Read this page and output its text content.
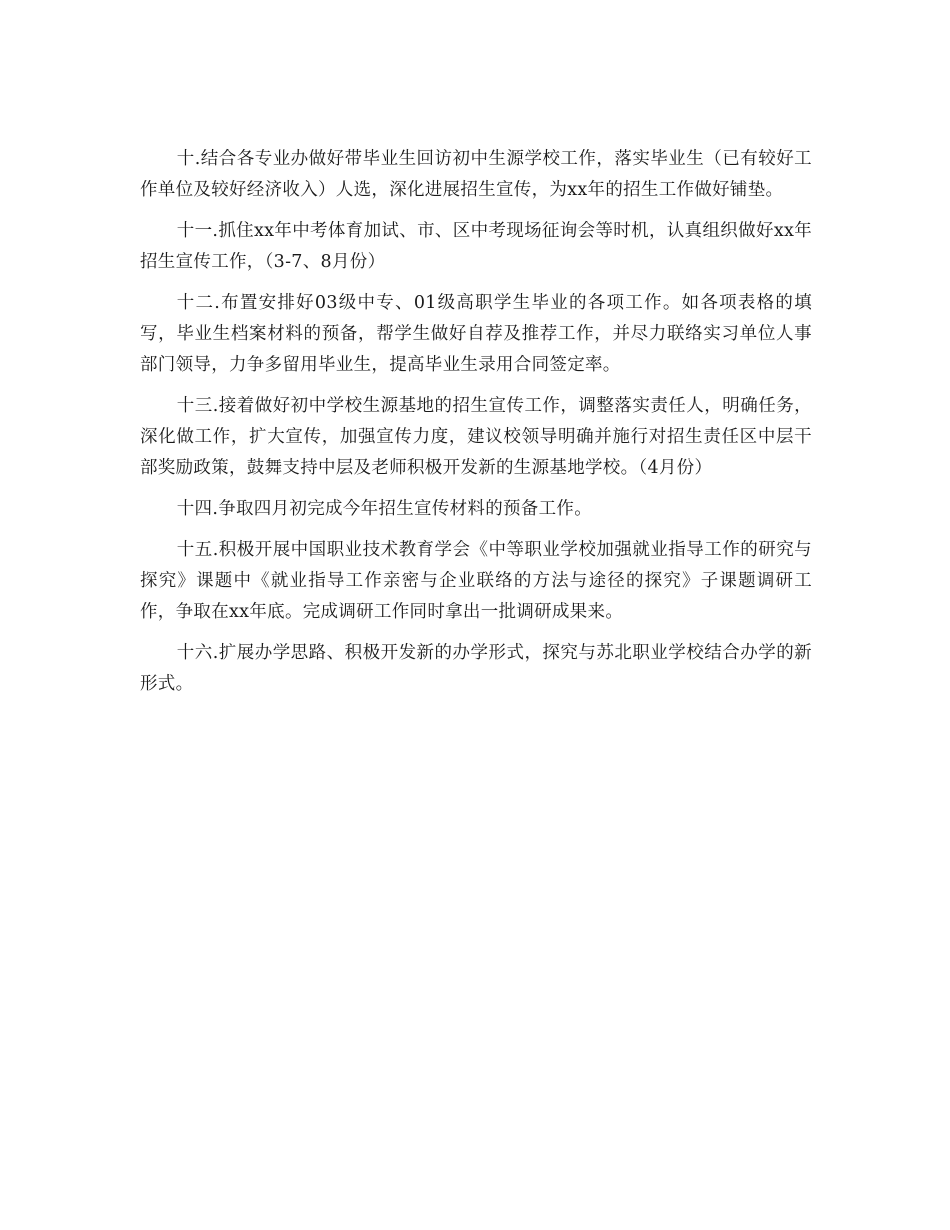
十.结合各专业办做好带毕业生回访初中生源学校工作，落实毕业生（已有较好工作单位及较好经济收入）人选，深化进展招生宣传，为xx年的招生工作做好铺垫。

十一.抓住xx年中考体育加试、市、区中考现场征询会等时机，认真组织做好xx年招生宣传工作，（3-7、8月份）

十二.布置安排好03级中专、01级高职学生毕业的各项工作。如各项表格的填写，毕业生档案材料的预备，帮学生做好自荐及推荐工作，并尽力联络实习单位人事部门领导，力争多留用毕业生，提高毕业生录用合同签定率。

十三.接着做好初中学校生源基地的招生宣传工作，调整落实责任人，明确任务，深化做工作，扩大宣传，加强宣传力度，建议校领导明确并施行对招生责任区中层干部奖励政策，鼓舞支持中层及老师积极开发新的生源基地学校。（4月份）

十四.争取四月初完成今年招生宣传材料的预备工作。

十五.积极开展中国职业技术教育学会《中等职业学校加强就业指导工作的研究与探究》课题中《就业指导工作亲密与企业联络的方法与途径的探究》子课题调研工作，争取在xx年底。完成调研工作同时拿出一批调研成果来。

十六.扩展办学思路、积极开发新的办学形式，探究与苏北职业学校结合办学的新形式。
